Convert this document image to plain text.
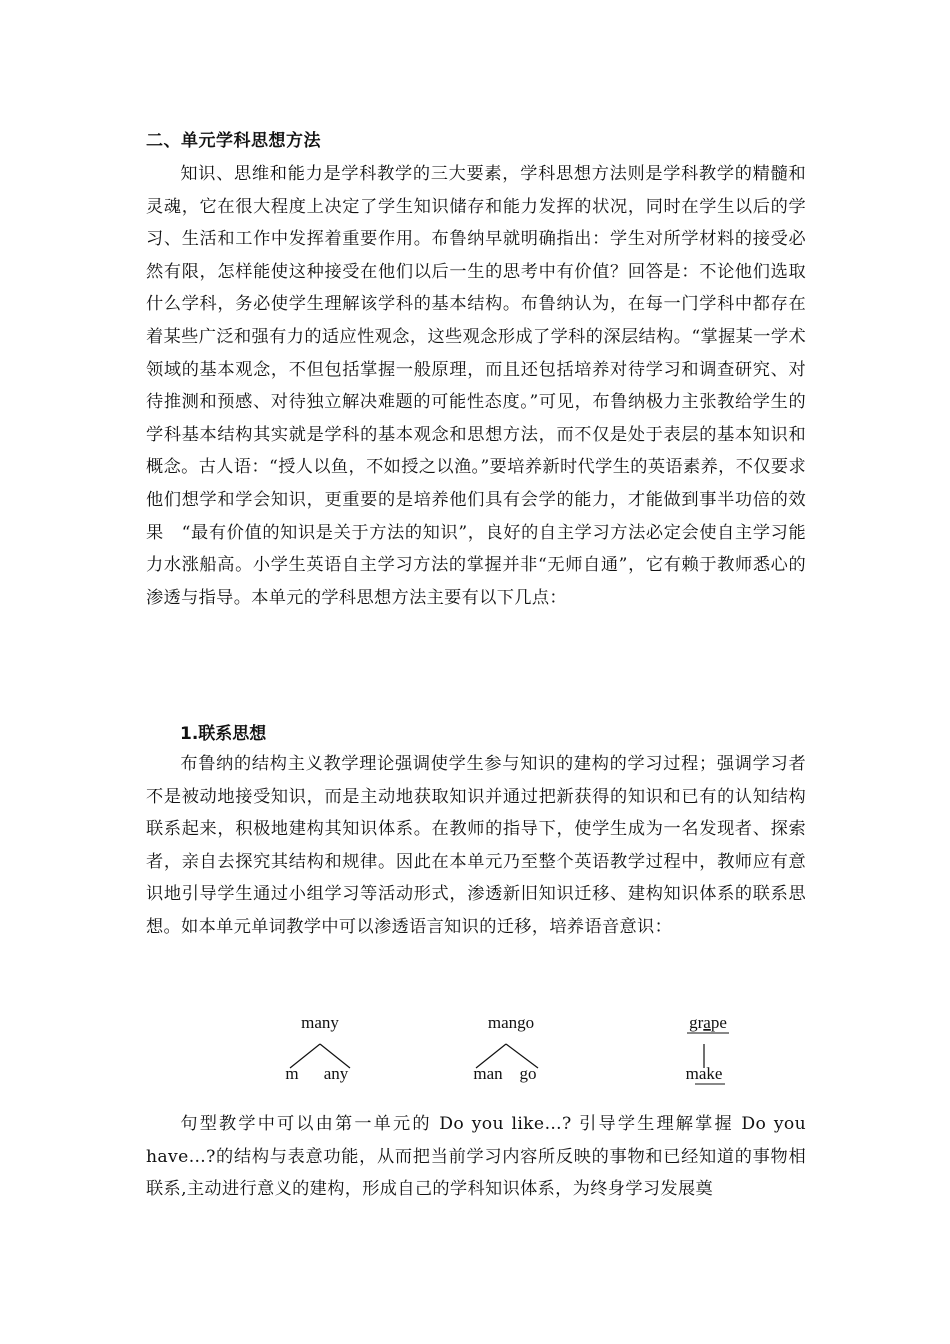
二、单元学科思想方法

知识、思维和能力是学科教学的三大要素，学科思想方法则是学科教学的精髓和灵魂，它在很大程度上决定了学生知识储存和能力发挥的状况，同时在学生以后的学习、生活和工作中发挥着重要作用。布鲁纳早就明确指出：学生对所学材料的接受必然有限，怎样能使这种接受在他们以后一生的思考中有价值？回答是：不论他们选取什么学科，务必使学生理解该学科的基本结构。布鲁纳认为，在每一门学科中都存在着某些广泛和强有力的适应性观念，这些观念形成了学科的深层结构。“掌握某一学术领域的基本观念，不但包括掌握一般原理，而且还包括培养对待学习和调查研究、对待推测和预感、对待独立解决难题的可能性态度。”可见，布鲁纳极力主张教给学生的学科基本结构其实就是学科的基本观念和思想方法，而不仅是处于表层的基本知识和概念。古人语：“授人以鱼，不如授之以渔。”要培养新时代学生的英语素养，不仅要求他们想学和学会知识，更重要的是培养他们具有会学的能力，才能做到事半功倍的效果　“最有价值的知识是关于方法的知识”，良好的自主学习方法必定会使自主学习能力水涨船高。小学生英语自主学习方法的掌握并非“无师自通”，它有赖于教师悉心的渗透与指导。本单元的学科思想方法主要有以下几点：

1.联系思想

布鲁纳的结构主义教学理论强调使学生参与知识的建构的学习过程；强调学习者不是被动地接受知识，而是主动地获取知识并通过把新获得的知识和已有的认知结构联系起来，积极地建构其知识体系。在教师的指导下，使学生成为一名发现者、探索者，亲自去探究其结构和规律。因此在本单元乃至整个英语教学过程中，教师应有意识地引导学生通过小组学习等活动形式，渗透新旧知识迁移、建构知识体系的联系思想。如本单元单词教学中可以渗透语言知识的迁移，培养语音意识：

many
m any
mango
man go
grape
make

句型教学中可以由第一单元的 Do you like…? 引导学生理解掌握 Do you have…?的结构与表意功能，从而把当前学习内容所反映的事物和已经知道的事物相联系,主动进行意义的建构，形成自己的学科知识体系，为终身学习发展奠
